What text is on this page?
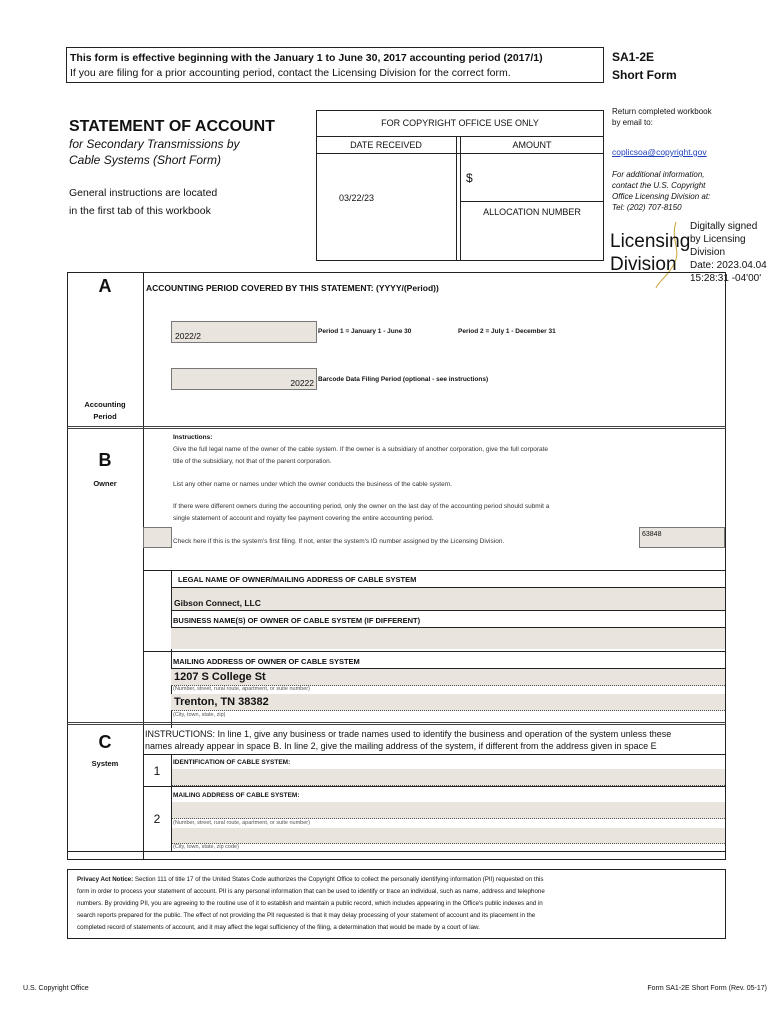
This form is effective beginning with the January 1 to June 30, 2017 accounting period (2017/1)
If you are filing for a prior accounting period, contact the Licensing Division for the correct form.
SA1-2E
Short Form
STATEMENT OF ACCOUNT
for Secondary Transmissions by
Cable Systems (Short Form)
General instructions are located
in the first tab of this workbook
FOR COPYRIGHT OFFICE USE ONLY
DATE RECEIVED	AMOUNT
03/22/23
$
ALLOCATION NUMBER
Return completed workbook
by email to:
coplicsoa@copyright.gov
For additional information,
contact the U.S. Copyright
Office Licensing Division at:
Tel: (202) 707-8150
Licensing
Division
Digitally signed
by Licensing
Division
Date: 2023.04.04
15:28:31 -04'00'
A	ACCOUNTING PERIOD COVERED BY THIS STATEMENT: (YYYY/(Period))
2022/2	Period 1 = January 1 - June 30	Period 2 = July 1 - December 31
20222 Barcode Data Filing Period (optional - see instructions)
Accounting
Period
B
Owner
Instructions:
Give the full legal name of the owner of the cable system. If the owner is a subsidiary of another corporation, give the full corporate
title of the subsidiary, not that of the parent corporation.
List any other name or names under which the owner conducts the business of the cable system.
If there were different owners during the accounting period, only the owner on the last day of the accounting period should submit a
single statement of account and royalty fee payment covering the entire accounting period.
Check here if this is the system's first filing. If not, enter the system's ID number assigned by the Licensing Division.
63848
LEGAL NAME OF OWNER/MAILING ADDRESS OF CABLE SYSTEM
Gibson Connect, LLC
BUSINESS NAME(S) OF OWNER OF CABLE SYSTEM (IF DIFFERENT)
MAILING ADDRESS OF OWNER OF CABLE SYSTEM
1207 S College St
(Number, street, rural route, apartment, or suite number)
Trenton, TN 38382
(City, town, state, zip)
C
System
INSTRUCTIONS: In line 1, give any business or trade names used to identify the business and operation of the system unless these
names already appear in space B. In line 2, give the mailing address of the system, if different from the address given in space E
1
IDENTIFICATION OF CABLE SYSTEM:
MAILING ADDRESS OF CABLE SYSTEM:
2	(Number, street, rural route, apartment, or suite number)
(City, town, state, zip code)
Privacy Act Notice: Section 111 of title 17 of the United States Code authorizes the Copyright Office to collect the personally identifying information (PII) requested on this
form in order to process your statement of account. PII is any personal information that can be used to identify or trace an individual, such as name, address and telephone
numbers. By providing PII, you are agreeing to the routine use of it to establish and maintain a public record, which includes appearing in the Office's public indexes and in
search reports prepared for the public. The effect of not providing the PII requested is that it may delay processing of your statement of account and its placement in the
completed record of statements of account, and it may affect the legal sufficiency of the filing, a determination that would be made by a court of law.
U.S. Copyright Office	Form SA1-2E Short Form (Rev. 05-17)
